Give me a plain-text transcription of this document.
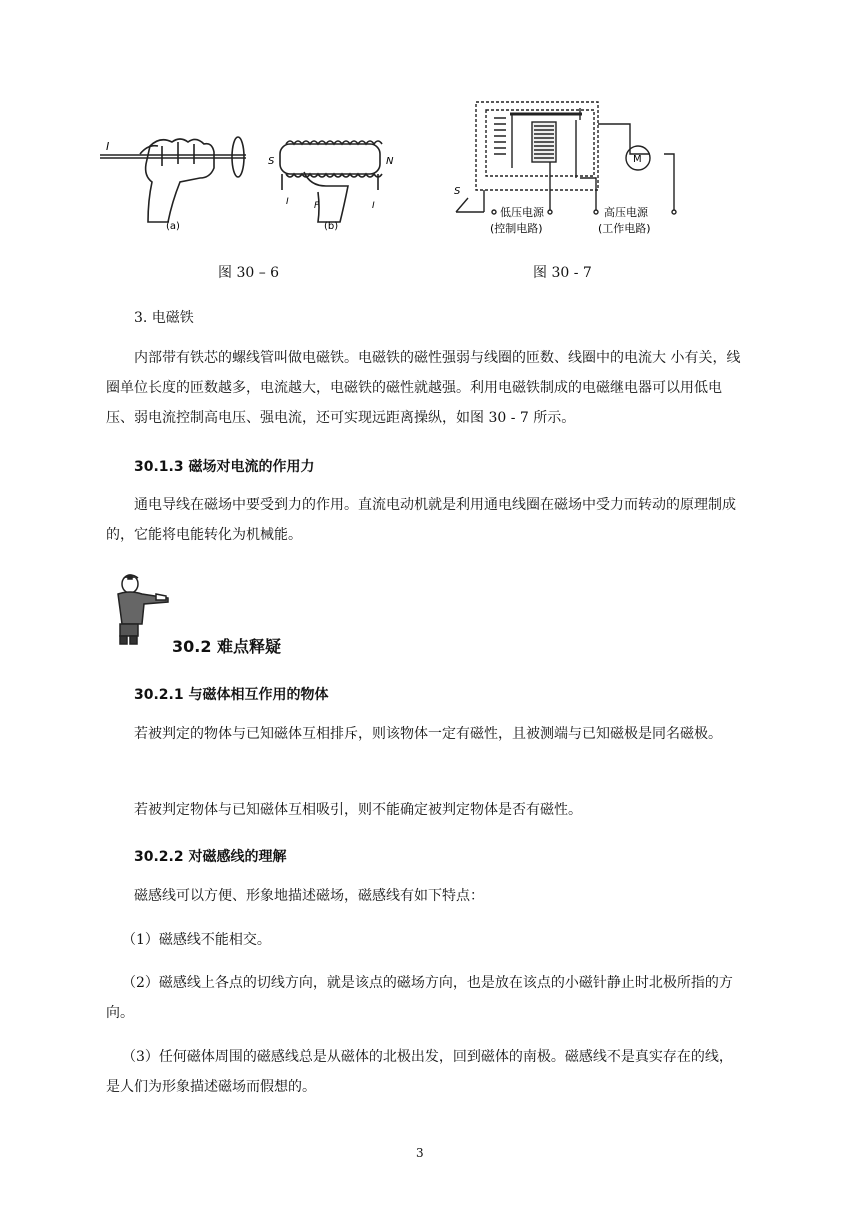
I
(a)
S	N
F
I	I
(b)
S
M
低压电源
(控制电路)
高压电源
(工作电路)
图 30 – 6	图 30 - 7
3. 电磁铁

内部带有铁芯的螺线管叫做电磁铁。电磁铁的磁性强弱与线圈的匝数、线圈中的电流大 小有关，线圈单位长度的匝数越多，电流越大，电磁铁的磁性就越强。利用电磁铁制成的电磁继电器可以用低电压、弱电流控制高电压、强电流，还可实现远距离操纵，如图 30 - 7 所示。

30.1.3 磁场对电流的作用力

通电导线在磁场中要受到力的作用。直流电动机就是利用通电线圈在磁场中受力而转动的原理制成的，它能将电能转化为机械能。

30.2 难点释疑
30.2.1 与磁体相互作用的物体

若被判定的物体与已知磁体互相排斥，则该物体一定有磁性，且被测端与已知磁极是同名磁极。

若被判定物体与已知磁体互相吸引，则不能确定被判定物体是否有磁性。

30.2.2 对磁感线的理解

磁感线可以方便、形象地描述磁场，磁感线有如下特点：

（1）磁感线不能相交。

（2）磁感线上各点的切线方向，就是该点的磁场方向，也是放在该点的小磁针静止时北极所指的方向。

（3）任何磁体周围的磁感线总是从磁体的北极出发，回到磁体的南极。磁感线不是真实存在的线，是人们为形象描述磁场而假想的。

3
